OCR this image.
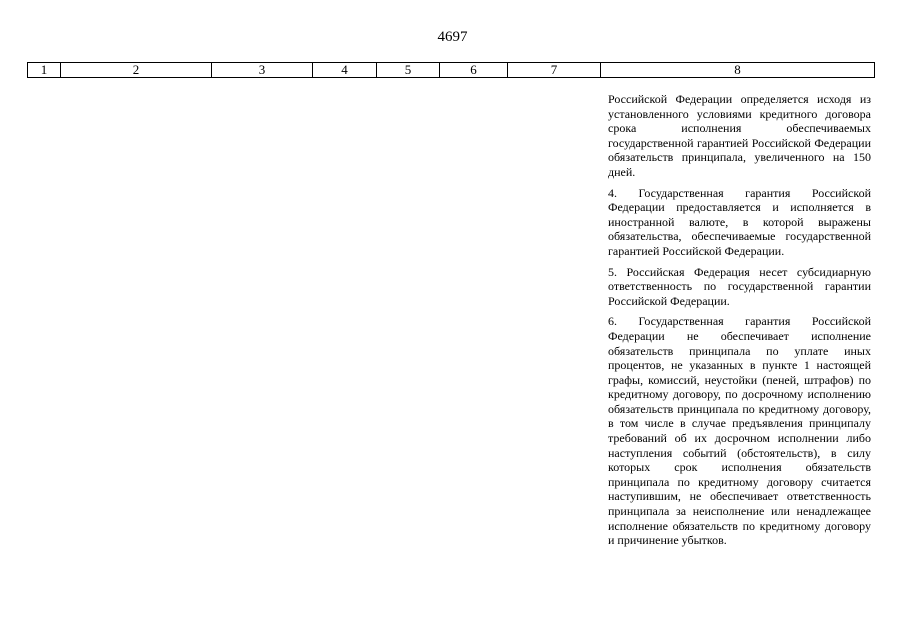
4697
1	2	3	4	5	6	7	8

Российской Федерации определяется исходя из установленного условиями кредитного договора срока исполнения обеспечиваемых государственной гарантией Российской Федерации обязательств принципала, увеличенного на 150 дней.

4. Государственная гарантия Российской Федерации предоставляется и исполняется в иностранной валюте, в которой выражены обязательства, обеспечиваемые государственной гарантией Российской Федерации.

5. Российская Федерация несет субсидиарную ответственность по государственной гарантии Российской Федерации.

6. Государственная гарантия Российской Федерации не обеспечивает исполнение обязательств принципала по уплате иных процентов, не указанных в пункте 1 настоящей графы, комиссий, неустойки (пеней, штрафов) по кредитному договору, по досрочному исполнению обязательств принципала по кредитному договору, в том числе в случае предъявления принципалу требований об их досрочном исполнении либо наступления событий (обстоятельств), в силу которых срок исполнения обязательств принципала по кредитному договору считается наступившим, не обеспечивает ответственность принципала за неисполнение или ненадлежащее исполнение обязательств по кредитному договору и причинение убытков.
